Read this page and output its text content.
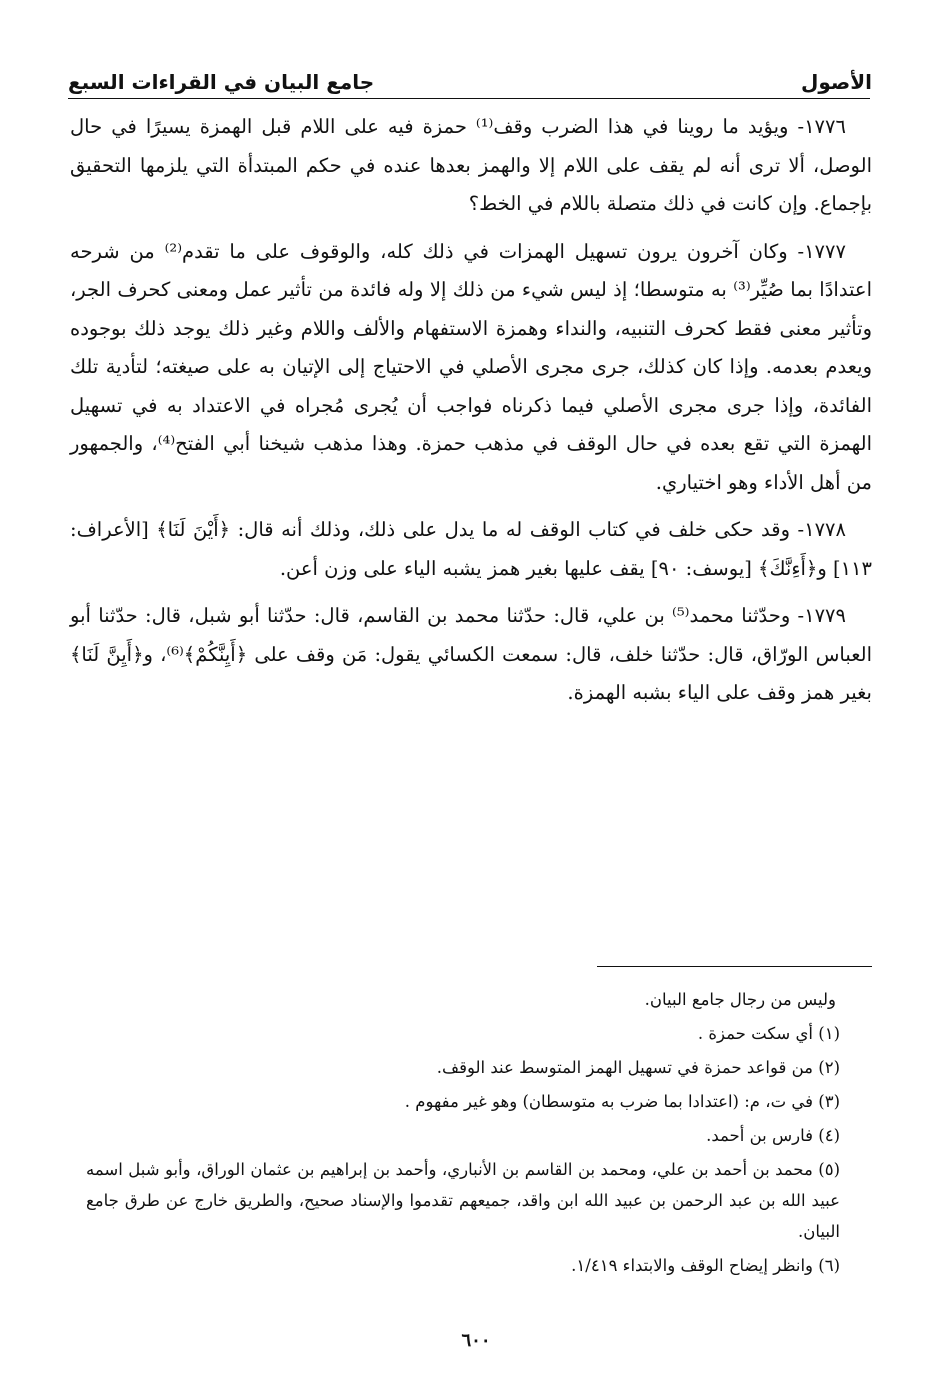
الأصول
جامع البيان في القراءات السبع

١٧٧٦- ويؤيد ما روينا في هذا الضرب وقف⁽¹⁾ حمزة فيه على اللام قبل الهمزة يسيرًا في حال الوصل، ألا ترى أنه لم يقف على اللام إلا والهمز بعدها عنده في حكم المبتدأة التي يلزمها التحقيق بإجماع. وإن كانت في ذلك متصلة باللام في الخط؟

١٧٧٧- وكان آخرون يرون تسهيل الهمزات في ذلك كله، والوقوف على ما تقدم⁽²⁾ من شرحه اعتدادًا بما صُيِّر⁽³⁾ به متوسطا؛ إذ ليس شيء من ذلك إلا وله فائدة من تأثير عمل ومعنى كحرف الجر، وتأثير معنى فقط كحرف التنبيه، والنداء وهمزة الاستفهام والألف واللام وغير ذلك يوجد ذلك بوجوده ويعدم بعدمه. وإذا كان كذلك، جرى مجرى الأصلي في الاحتياج إلى الإتيان به على صيغته؛ لتأدية تلك الفائدة، وإذا جرى مجرى الأصلي فيما ذكرناه فواجب أن يُجرى مُجراه في الاعتداد به في تسهيل الهمزة التي تقع بعده في حال الوقف في مذهب حمزة. وهذا مذهب شيخنا أبي الفتح⁽⁴⁾، والجمهور من أهل الأداء وهو اختياري.

١٧٧٨- وقد حكى خلف في كتاب الوقف له ما يدل على ذلك، وذلك أنه قال: ﴿أَيْنَ لَنَا﴾ [الأعراف: ١١٣] و﴿أَءِنَّكَ﴾ [يوسف: ٩٠] يقف عليها بغير همز يشبه الياء على وزن أعن.

١٧٧٩- وحدّثنا محمد⁽⁵⁾ بن علي، قال: حدّثنا محمد بن القاسم، قال: حدّثنا أبو شبل، قال: حدّثنا أبو العباس الورّاق، قال: حدّثنا خلف، قال: سمعت الكسائي يقول: مَن وقف على ﴿أَيِنَّكُمْ﴾⁽⁶⁾، و﴿أَيِنَّ لَنَا﴾ بغير همز وقف على الياء بشبه الهمزة.

وليس من رجال جامع البيان.

(١) أي سكت حمزة .

(٢) من قواعد حمزة في تسهيل الهمز المتوسط عند الوقف.

(٣) في ت، م: (اعتدادا بما ضرب به متوسطان) وهو غير مفهوم .

(٤) فارس بن أحمد.

(٥) محمد بن أحمد بن علي، ومحمد بن القاسم بن الأنباري، وأحمد بن إبراهيم بن عثمان الوراق، وأبو شبل اسمه عبيد الله بن عبد الرحمن بن عبيد الله ابن واقد، جميعهم تقدموا والإسناد صحيح، والطريق خارج عن طرق جامع البيان.

(٦) وانظر إيضاح الوقف والابتداء ١/٤١٩.

٦٠٠
